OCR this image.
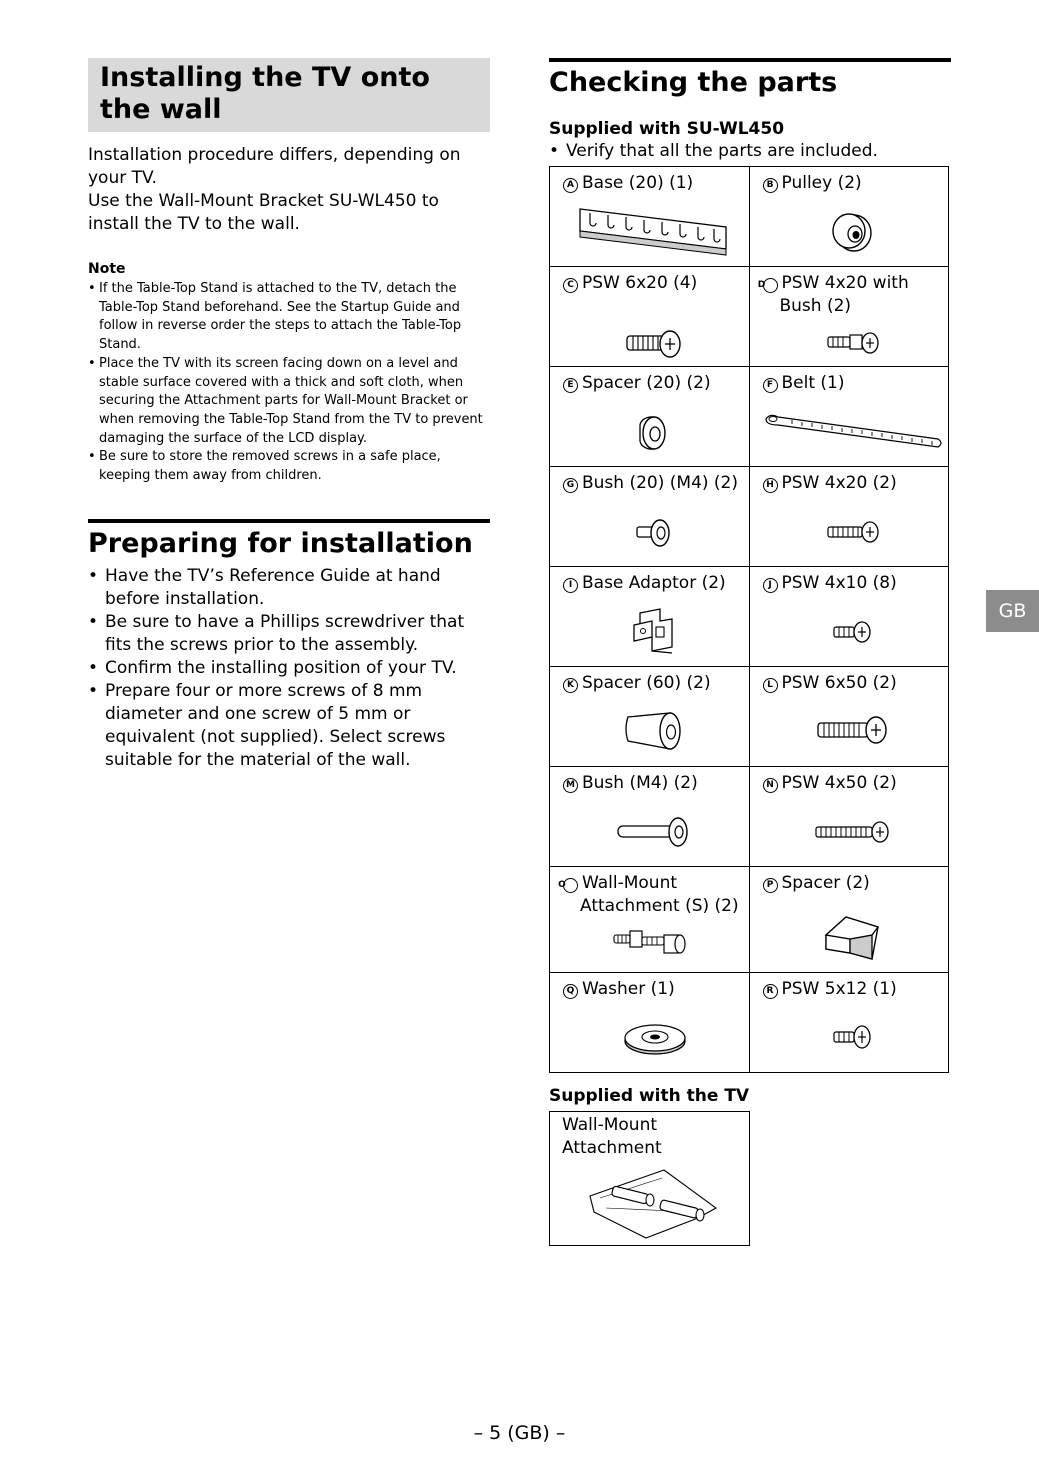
Installing the TV onto the wall

Installation procedure differs, depending on your TV.

Use the Wall-Mount Bracket SU-WL450 to install the TV to the wall.

Note
• If the Table-Top Stand is attached to the TV, detach the Table-Top Stand beforehand. See the Startup Guide and follow in reverse order the steps to attach the Table-Top Stand.
• Place the TV with its screen facing down on a level and stable surface covered with a thick and soft cloth, when securing the Attachment parts for Wall-Mount Bracket or when removing the Table-Top Stand from the TV to prevent damaging the surface of the LCD display.
• Be sure to store the removed screws in a safe place, keeping them away from children.
Preparing for installation
• Have the TV’s Reference Guide at hand before installation.
• Be sure to have a Phillips screwdriver that fits the screws prior to the assembly.
• Confirm the installing position of your TV.
• Prepare four or more screws of 8 mm diameter and one screw of 5 mm or equivalent (not supplied). Select screws suitable for the material of the wall.
Checking the parts
Supplied with SU-WL450
• Verify that all the parts are included.
A Base (20) (1)	B Pulley (2)

C PSW 6x20 (4)	D PSW 4x20 with Bush (2)

E Spacer (20) (2)	F Belt (1)

G Bush (20) (M4) (2)	H PSW 4x20 (2)

I Base Adaptor (2)	J PSW 4x10 (8)

K Spacer (60) (2)	L PSW 6x50 (2)

M Bush (M4) (2)	N PSW 4x50 (2)

O Wall-Mount Attachment (S) (2)	P Spacer (2)

Q Washer (1)	R PSW 5x12 (1)
Supplied with the TV
Wall-Mount Attachment
GB
– 5 (GB) –
